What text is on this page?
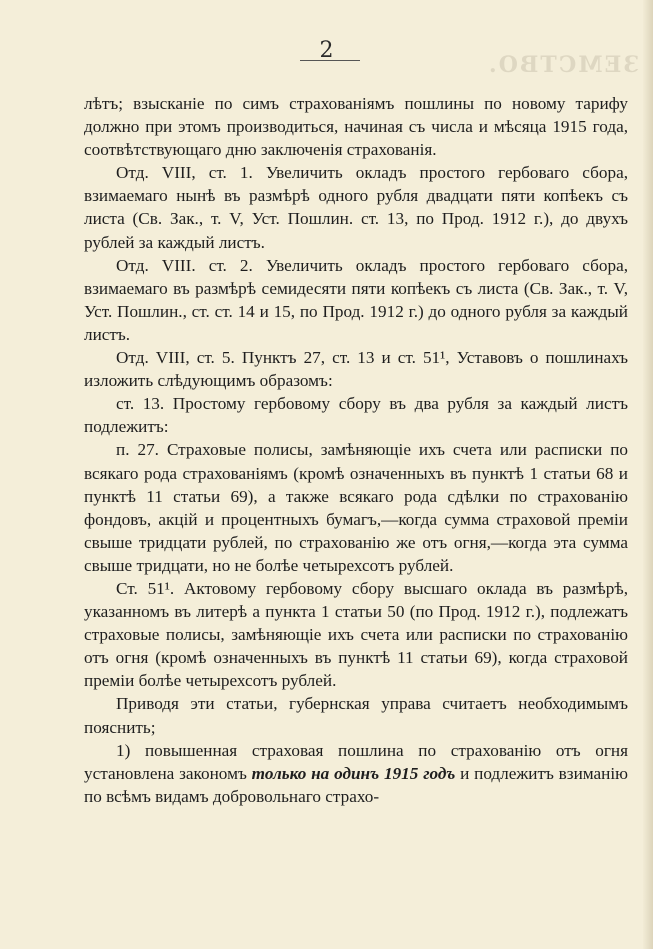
ЗЕМСТВО.
2

лѣтъ; взысканіе по симъ страхованіямъ пошлины по новому тарифу должно при этомъ производиться, начиная съ числа и мѣсяца 1915 года, соотвѣтствующаго дню заключенія страхованія.

Отд. VIII, ст. 1. Увеличить окладъ простого гербоваго сбора, взимаемаго нынѣ въ размѣрѣ одного рубля двадцати пяти копѣекъ съ листа (Св. Зак., т. V, Уст. Пошлин. ст. 13, по Прод. 1912 г.), до двухъ рублей за каждый листъ.

Отд. VIII. ст. 2. Увеличить окладъ простого гербоваго сбора, взимаемаго въ размѣрѣ семидесяти пяти копѣекъ съ листа (Св. Зак., т. V, Уст. Пошлин., ст. ст. 14 и 15, по Прод. 1912 г.) до одного рубля за каждый листъ.

Отд. VIII, ст. 5. Пунктъ 27, ст. 13 и ст. 51¹, Уставовъ о пошлинахъ изложить слѣдующимъ образомъ:

ст. 13. Простому гербовому сбору въ два рубля за каждый листъ подлежитъ:

п. 27. Страховые полисы, замѣняющіе ихъ счета или расписки по всякаго рода страхованіямъ (кромѣ означенныхъ въ пунктѣ 1 статьи 68 и пунктѣ 11 статьи 69), а также всякаго рода сдѣлки по страхованію фондовъ, акцій и процентныхъ бумагъ,—когда сумма страховой преміи свыше тридцати рублей, по страхованію же отъ огня,—когда эта сумма свыше тридцати, но не болѣе четырехсотъ рублей.

Ст. 51¹. Актовому гербовому сбору высшаго оклада въ размѣрѣ, указанномъ въ литерѣ а пункта 1 статьи 50 (по Прод. 1912 г.), подлежатъ страховые полисы, замѣняющіе ихъ счета или расписки по страхованію отъ огня (кромѣ означенныхъ въ пунктѣ 11 статьи 69), когда страховой преміи болѣе четырехсотъ рублей.

Приводя эти статьи, губернская управа считаетъ необходимымъ пояснить;

1) повышенная страховая пошлина по страхованію отъ огня установлена закономъ только на одинъ 1915 годъ и подлежитъ взиманію по всѣмъ видамъ добровольнаго страхо-
